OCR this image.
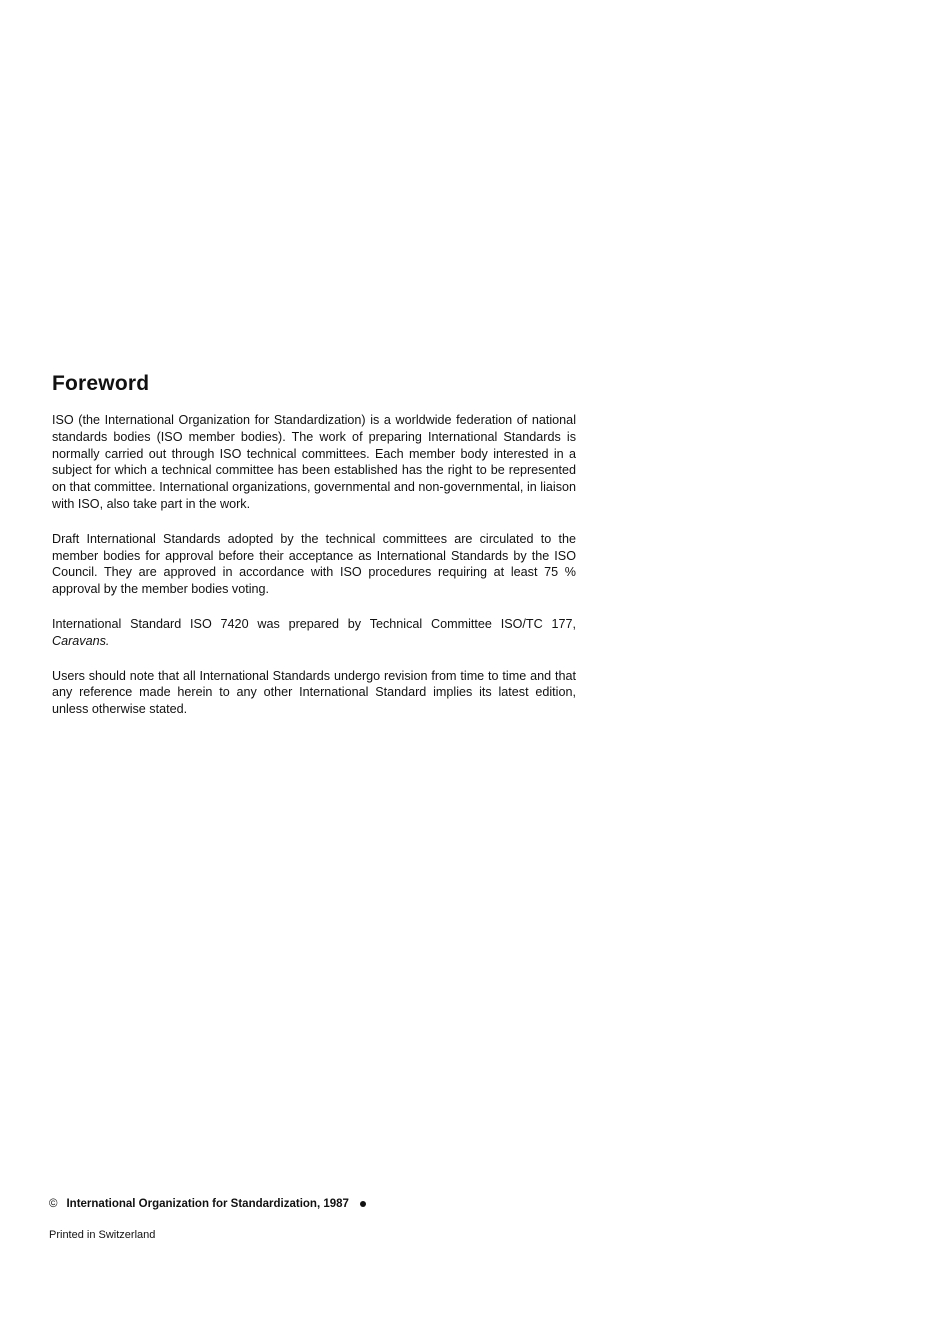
Foreword

ISO (the International Organization for Standardization) is a worldwide federation of national standards bodies (ISO member bodies). The work of preparing International Standards is normally carried out through ISO technical committees. Each member body interested in a subject for which a technical committee has been established has the right to be represented on that committee. International organizations, governmental and non-governmental, in liaison with ISO, also take part in the work.

Draft International Standards adopted by the technical committees are circulated to the member bodies for approval before their acceptance as International Standards by the ISO Council. They are approved in accordance with ISO procedures requiring at least 75 % approval by the member bodies voting.

International Standard ISO 7420 was prepared by Technical Committee ISO/TC 177, Caravans.

Users should note that all International Standards undergo revision from time to time and that any reference made herein to any other International Standard implies its latest edition, unless otherwise stated.

© International Organization for Standardization, 1987
Printed in Switzerland
